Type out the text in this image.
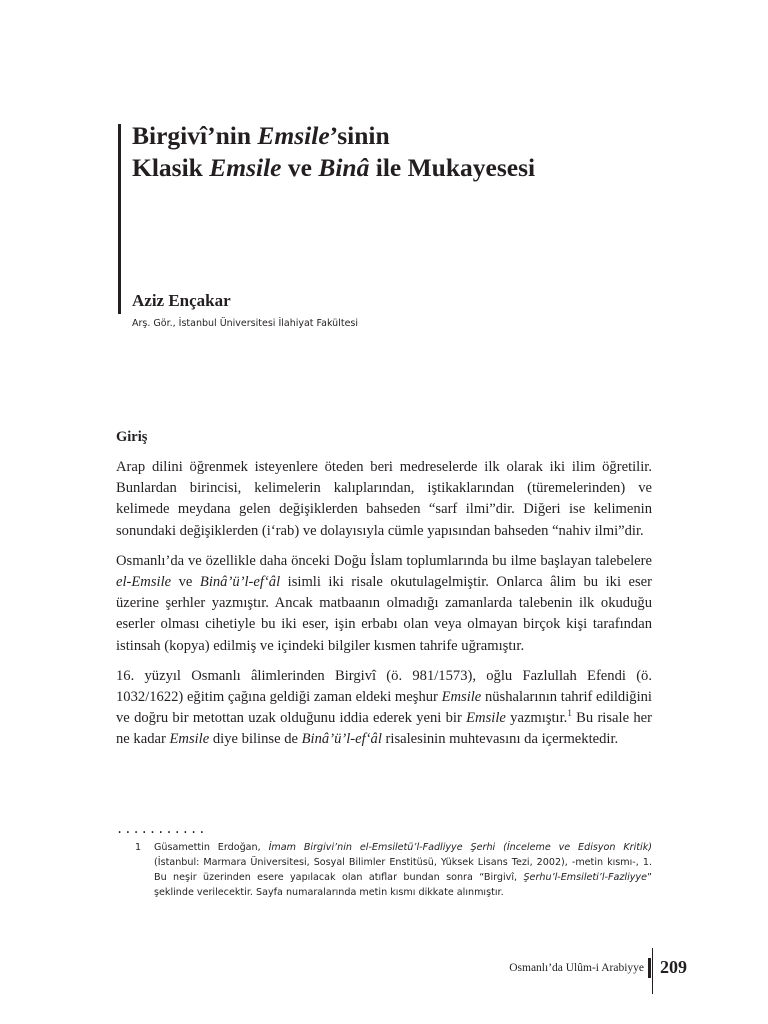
Birgivî’nin Emsile’sinin
Klasik Emsile ve Binâ ile Mukayesesi
Aziz Ençakar
Arş. Gör., İstanbul Üniversitesi İlahiyat Fakültesi
Giriş

Arap dilini öğrenmek isteyenlere öteden beri medreselerde ilk olarak iki ilim öğretilir. Bunlardan birincisi, kelimelerin kalıplarından, iştikaklarından (türemelerinden) ve kelimede meydana gelen değişiklerden bahseden “sarf ilmi”dir. Diğeri ise kelimenin sonundaki değişiklerden (i‘rab) ve dolayısıyla cümle yapısından bahseden “nahiv ilmi”dir.

Osmanlı’da ve özellikle daha önceki Doğu İslam toplumlarında bu ilme başlayan talebelere el-Emsile ve Binâ’ü’l-ef‘âl isimli iki risale okutulagelmiştir. Onlarca âlim bu iki eser üzerine şerhler yazmıştır. Ancak matbaanın olmadığı zamanlarda talebenin ilk okuduğu eserler olması cihetiyle bu iki eser, işin erbabı olan veya olmayan birçok kişi tarafından istinsah (kopya) edilmiş ve içindeki bilgiler kısmen tahrife uğramıştır.

16. yüzyıl Osmanlı âlimlerinden Birgivî (ö. 981/1573), oğlu Fazlullah Efendi (ö. 1032/1622) eğitim çağına geldiği zaman eldeki meşhur Emsile nüshalarının tahrif edildiğini ve doğru bir metottan uzak olduğunu iddia ederek yeni bir Emsile yazmıştır.$^1$ Bu risale her ne kadar Emsile diye bilinse de Binâ’ü’l-ef‘âl risalesinin muhtevasını da içermektedir.

...........
1	Güsamettin Erdoğan, İmam Birgivi’nin el-Emsiletü’l-Fadliyye Şerhi (İnceleme ve Edisyon Kritik) (İstanbul: Marmara Üniversitesi, Sosyal Bilimler Enstitüsü, Yüksek Lisans Tezi, 2002), -metin kısmı-, 1. Bu neşir üzerinden esere yapılacak olan atıflar bundan sonra “Birgivî, Şerhu’l-Emsileti’l-Fazliyye” şeklinde verilecektir. Sayfa numaralarında metin kısmı dikkate alınmıştır.
Osmanlı’da Ulûm-i Arabiyye 209
